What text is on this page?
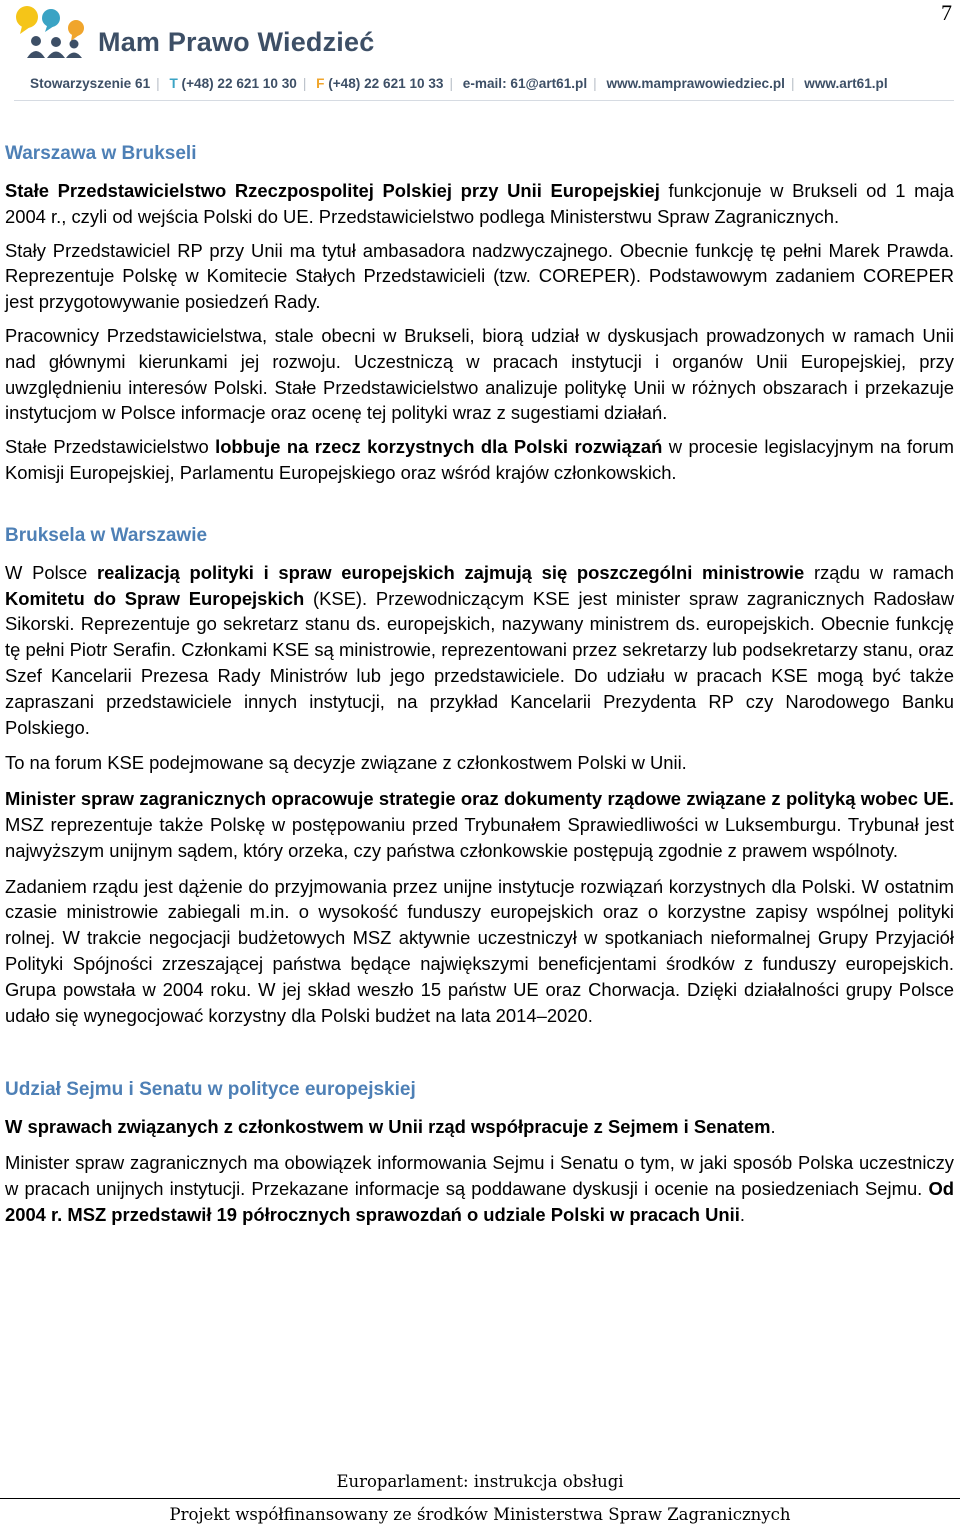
7
Mam Prawo Wiedzieć
Stowarzyszenie 61 | T (+48) 22 621 10 30 | F (+48) 22 621 10 33 | e-mail: 61@art61.pl | www.mamprawowiedziec.pl | www.art61.pl
Warszawa w Brukseli

Stałe Przedstawicielstwo Rzeczpospolitej Polskiej przy Unii Europejskiej funkcjonuje w Brukseli od 1 maja 2004 r., czyli od wejścia Polski do UE. Przedstawicielstwo podlega Ministerstwu Spraw Zagranicznych.

Stały Przedstawiciel RP przy Unii ma tytuł ambasadora nadzwyczajnego. Obecnie funkcję tę pełni Marek Prawda. Reprezentuje Polskę w Komitecie Stałych Przedstawicieli (tzw. COREPER). Podstawowym zadaniem COREPER jest przygotowywanie posiedzeń Rady.

Pracownicy Przedstawicielstwa, stale obecni w Brukseli, biorą udział w dyskusjach prowadzonych w ramach Unii nad głównymi kierunkami jej rozwoju. Uczestniczą w pracach instytucji i organów Unii Europejskiej, przy uwzględnieniu interesów Polski. Stałe Przedstawicielstwo analizuje politykę Unii w różnych obszarach i przekazuje instytucjom w Polsce informacje oraz ocenę tej polityki wraz z sugestiami działań.

Stałe Przedstawicielstwo lobbuje na rzecz korzystnych dla Polski rozwiązań w procesie legislacyjnym na forum Komisji Europejskiej, Parlamentu Europejskiego oraz wśród krajów członkowskich.

Bruksela w Warszawie

W Polsce realizacją polityki i spraw europejskich zajmują się poszczególni ministrowie rządu w ramach Komitetu do Spraw Europejskich (KSE). Przewodniczącym KSE jest minister spraw zagranicznych Radosław Sikorski. Reprezentuje go sekretarz stanu ds. europejskich, nazywany ministrem ds. europejskich. Obecnie funkcję tę pełni Piotr Serafin. Członkami KSE są ministrowie, reprezentowani przez sekretarzy lub podsekretarzy stanu, oraz Szef Kancelarii Prezesa Rady Ministrów lub jego przedstawiciele. Do udziału w pracach KSE mogą być także zapraszani przedstawiciele innych instytucji, na przykład Kancelarii Prezydenta RP czy Narodowego Banku Polskiego.

To na forum KSE podejmowane są decyzje związane z członkostwem Polski w Unii.

Minister spraw zagranicznych opracowuje strategie oraz dokumenty rządowe związane z polityką wobec UE. MSZ reprezentuje także Polskę w postępowaniu przed Trybunałem Sprawiedliwości w Luksemburgu. Trybunał jest najwyższym unijnym sądem, który orzeka, czy państwa członkowskie postępują zgodnie z prawem wspólnoty.

Zadaniem rządu jest dążenie do przyjmowania przez unijne instytucje rozwiązań korzystnych dla Polski. W ostatnim czasie ministrowie zabiegali m.in. o wysokość funduszy europejskich oraz o korzystne zapisy wspólnej polityki rolnej. W trakcie negocjacji budżetowych MSZ aktywnie uczestniczył w spotkaniach nieformalnej Grupy Przyjaciół Polityki Spójności zrzeszającej państwa będące największymi beneficjentami środków z funduszy europejskich. Grupa powstała w 2004 roku. W jej skład weszło 15 państw UE oraz Chorwacja. Dzięki działalności grupy Polsce udało się wynegocjować korzystny dla Polski budżet na lata 2014–2020.

Udział Sejmu i Senatu w polityce europejskiej

W sprawach związanych z członkostwem w Unii rząd współpracuje z Sejmem i Senatem.

Minister spraw zagranicznych ma obowiązek informowania Sejmu i Senatu o tym, w jaki sposób Polska uczestniczy w pracach unijnych instytucji. Przekazane informacje są poddawane dyskusji i ocenie na posiedzeniach Sejmu. Od 2004 r. MSZ przedstawił 19 półrocznych sprawozdań o udziale Polski w pracach Unii.

Europarlament: instrukcja obsługi
Projekt współfinansowany ze środków Ministerstwa Spraw Zagranicznych
